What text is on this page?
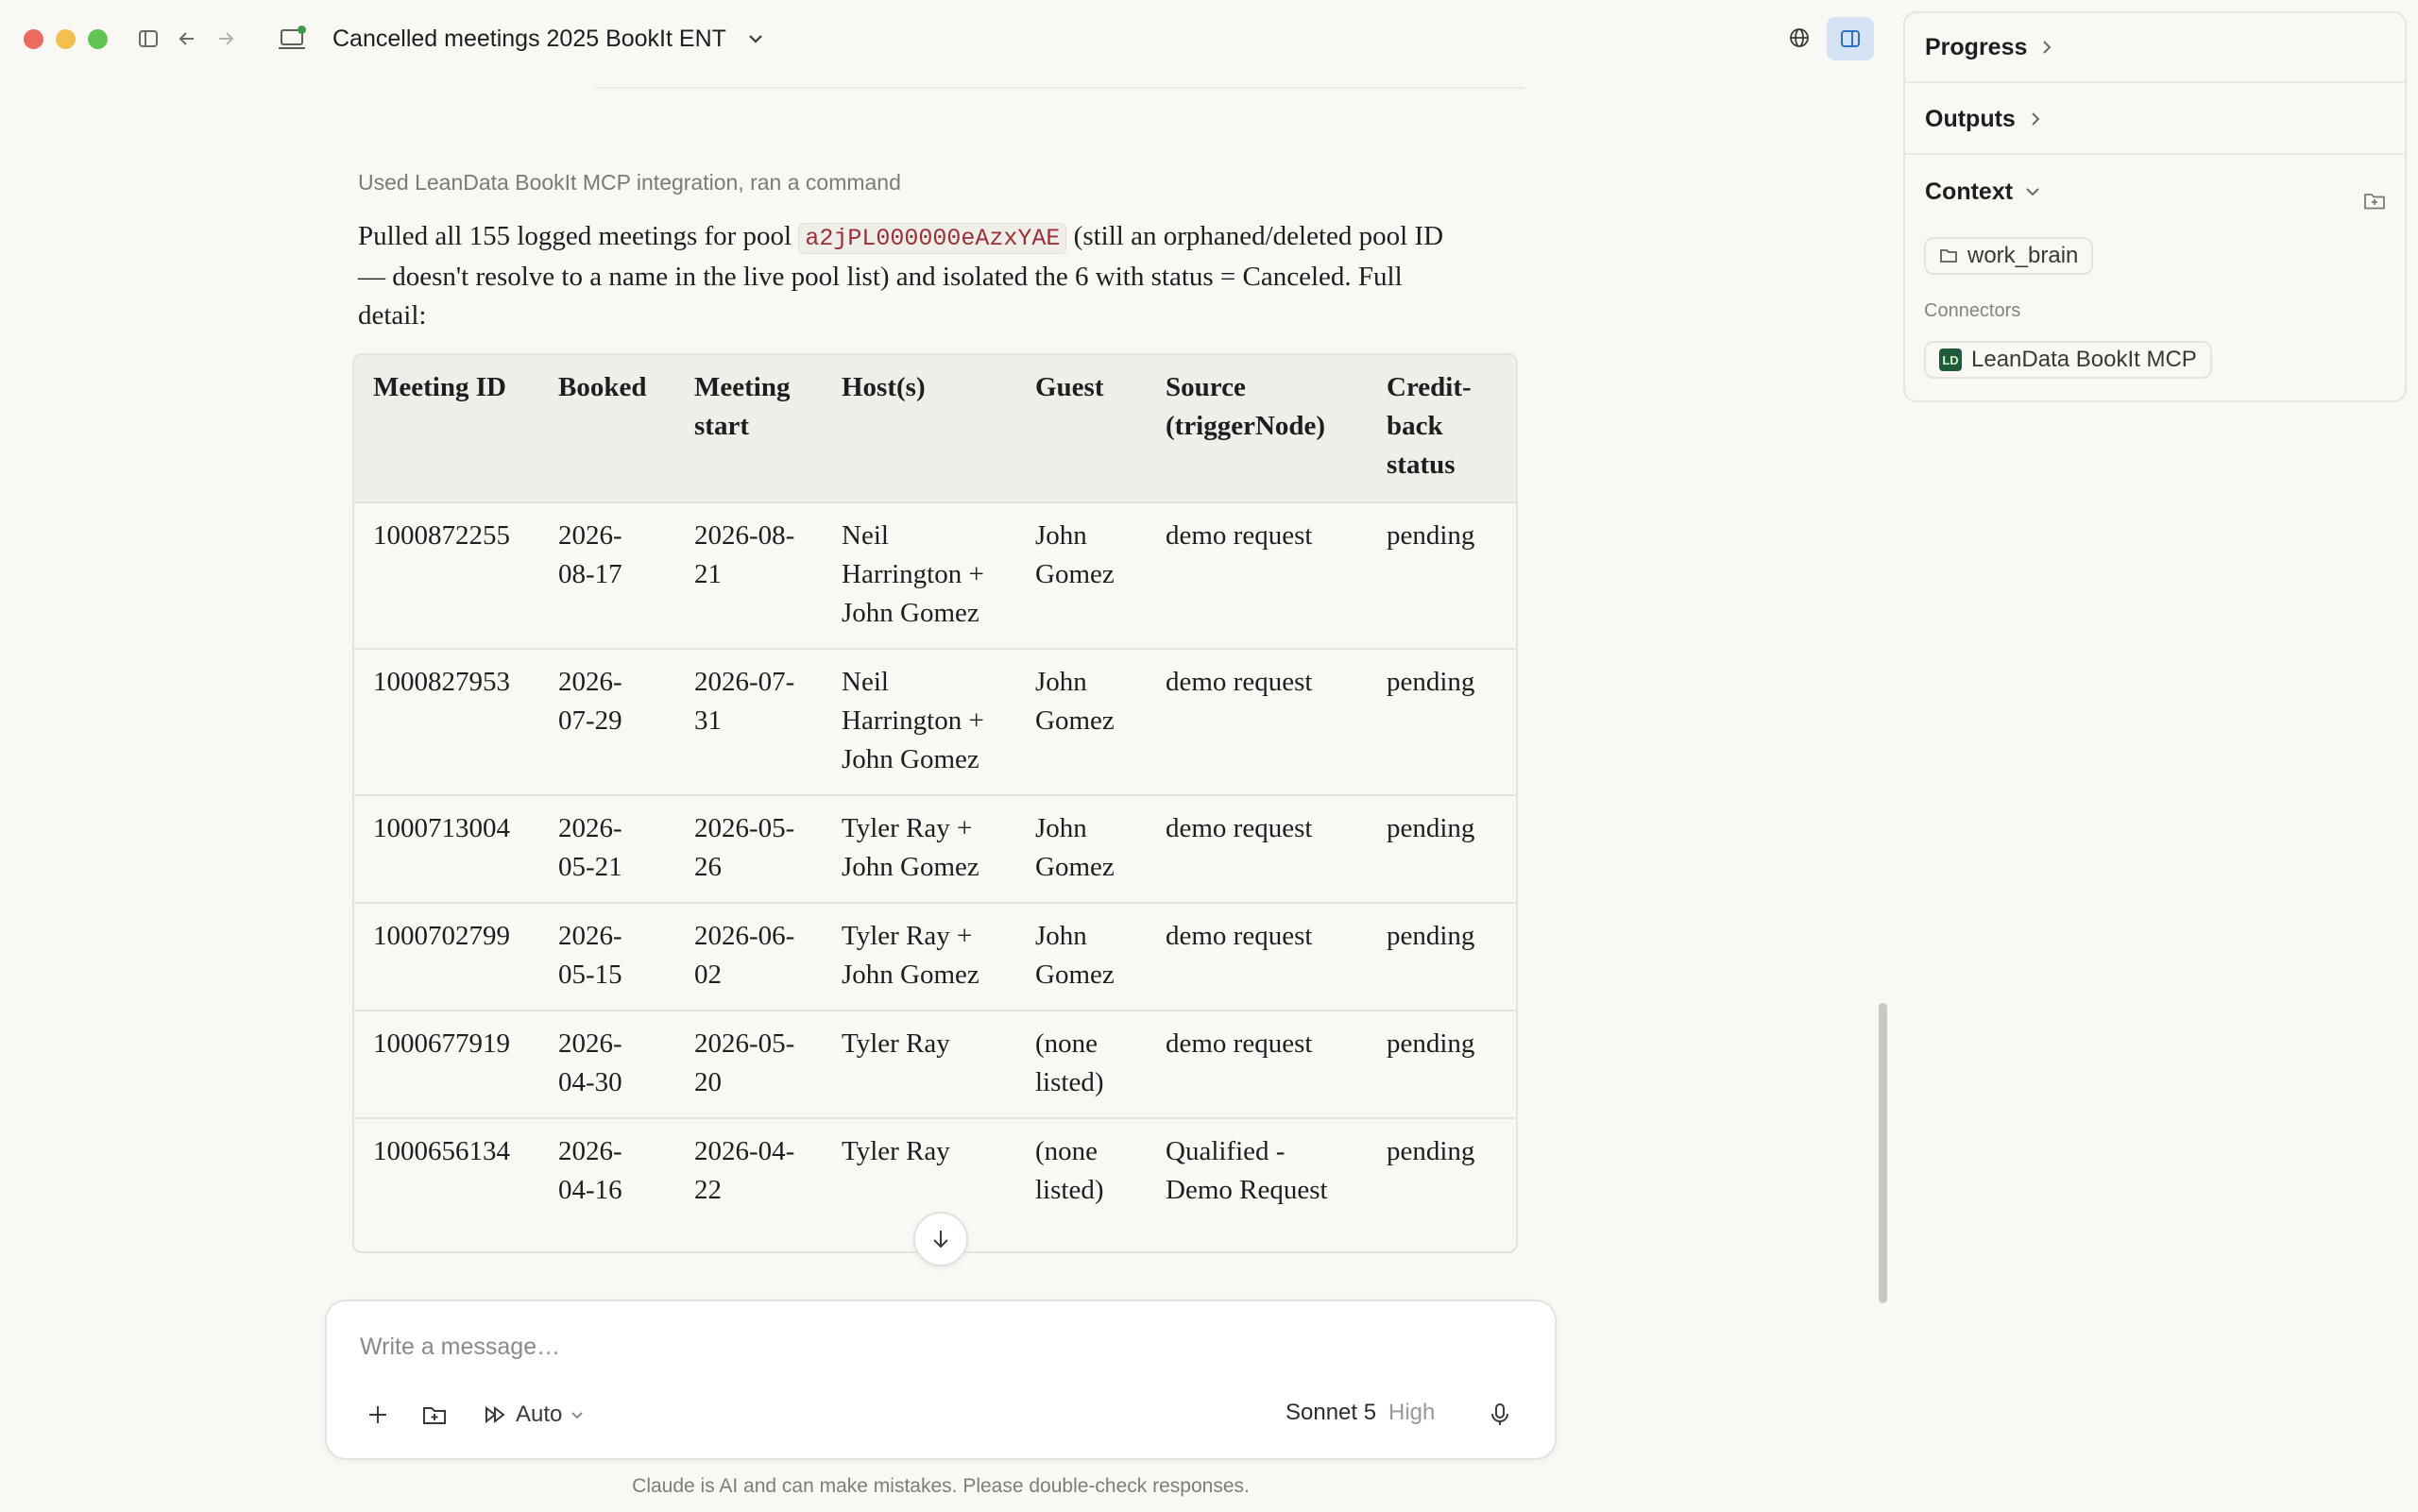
Cancelled meetings 2025 BookIt ENT
Used LeanData BookIt MCP integration, ran a command
Pulled all 155 logged meetings for pool a2jPL000000eAzxYAE (still an orphaned/deleted pool ID — doesn't resolve to a name in the live pool list) and isolated the 6 with status = Canceled. Full detail:
Meeting ID	Booked	Meeting start	Host(s)	Guest	Source (triggerNode)	Credit-back status
1000872255	2026-08-17	2026-08-21	Neil Harrington + John Gomez	John Gomez	demo request	pending
1000827953	2026-07-29	2026-07-31	Neil Harrington + John Gomez	John Gomez	demo request	pending
1000713004	2026-05-21	2026-05-26	Tyler Ray + John Gomez	John Gomez	demo request	pending
1000702799	2026-05-15	2026-06-02	Tyler Ray + John Gomez	John Gomez	demo request	pending
1000677919	2026-04-30	2026-05-20	Tyler Ray	(none listed)	demo request	pending
1000656134	2026-04-16	2026-04-22	Tyler Ray	(none listed)	Qualified - Demo Request	pending
Write a message…
Auto	Sonnet 5 High
Claude is AI and can make mistakes. Please double-check responses.
Progress
Outputs
Context
work_brain
Connectors
LD LeanData BookIt MCP
